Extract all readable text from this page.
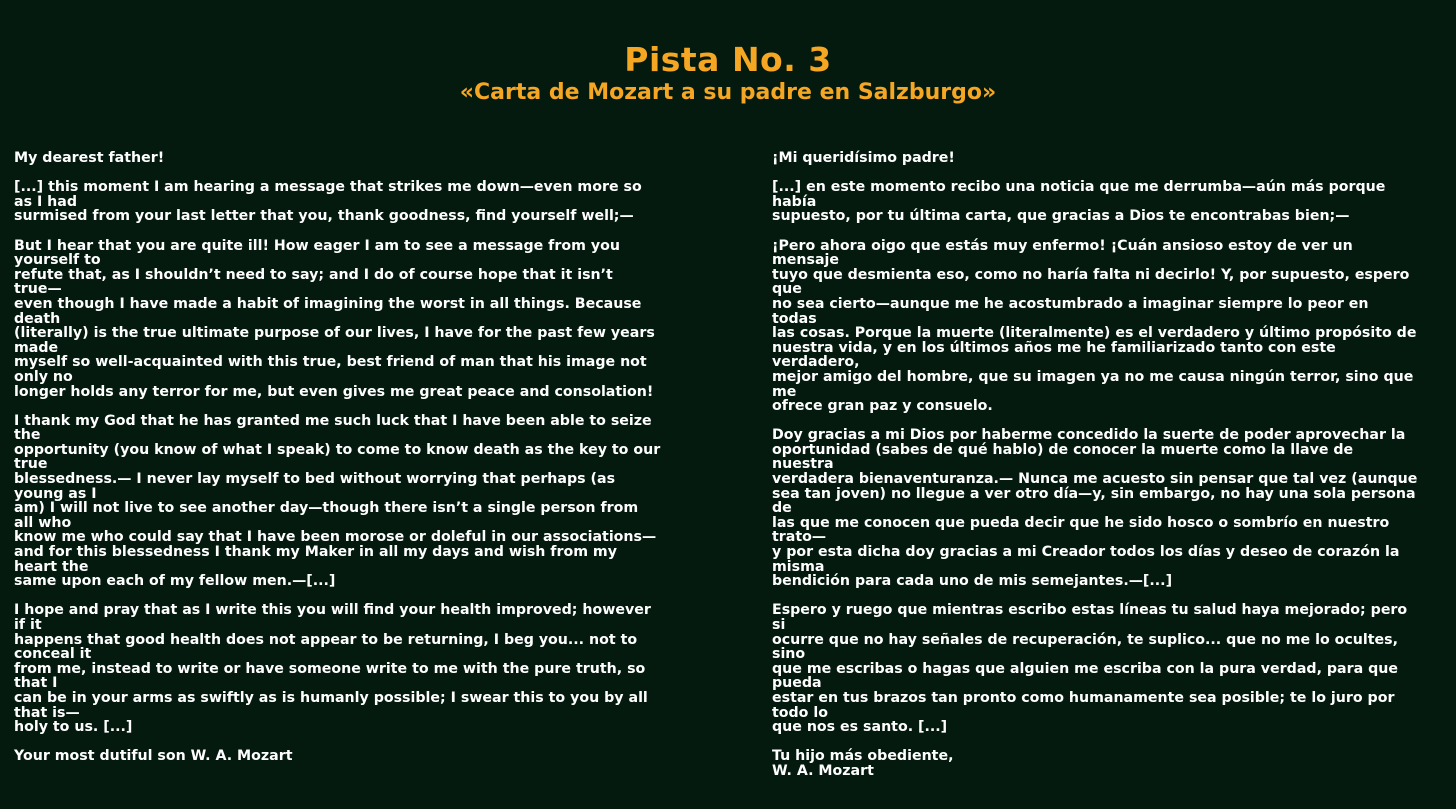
Pista No. 3
«Carta de Mozart a su padre en Salzburgo»
My dearest father!
[...] this moment I am hearing a message that strikes me down—even more so
as I had
surmised from your last letter that you, thank goodness, find yourself well;—
But I hear that you are quite ill! How eager I am to see a message from you
yourself to
refute that, as I shouldn’t need to say; and I do of course hope that it isn’t
true—
even though I have made a habit of imagining the worst in all things. Because
death
(literally) is the true ultimate purpose of our lives, I have for the past few years
made
myself so well-acquainted with this true, best friend of man that his image not
only no
longer holds any terror for me, but even gives me great peace and consolation!
I thank my God that he has granted me such luck that I have been able to seize
the
opportunity (you know of what I speak) to come to know death as the key to our
true
blessedness.— I never lay myself to bed without worrying that perhaps (as
young as I
am) I will not live to see another day—though there isn’t a single person from
all who
know me who could say that I have been morose or doleful in our associations—
and for this blessedness I thank my Maker in all my days and wish from my
heart the
same upon each of my fellow men.—[...]
I hope and pray that as I write this you will find your health improved; however
if it
happens that good health does not appear to be returning, I beg you... not to
conceal it
from me, instead to write or have someone write to me with the pure truth, so
that I
can be in your arms as swiftly as is humanly possible; I swear this to you by all
that is—
holy to us. [...]
Your most dutiful son W. A. Mozart
¡Mi queridísimo padre!
[...] en este momento recibo una noticia que me derrumba—aún más porque
había
supuesto, por tu última carta, que gracias a Dios te encontrabas bien;—
¡Pero ahora oigo que estás muy enfermo! ¡Cuán ansioso estoy de ver un
mensaje
tuyo que desmienta eso, como no haría falta ni decirlo! Y, por supuesto, espero
que
no sea cierto—aunque me he acostumbrado a imaginar siempre lo peor en
todas
las cosas. Porque la muerte (literalmente) es el verdadero y último propósito de
nuestra vida, y en los últimos años me he familiarizado tanto con este
verdadero,
mejor amigo del hombre, que su imagen ya no me causa ningún terror, sino que
me
ofrece gran paz y consuelo.
Doy gracias a mi Dios por haberme concedido la suerte de poder aprovechar la
oportunidad (sabes de qué hablo) de conocer la muerte como la llave de
nuestra
verdadera bienaventuranza.— Nunca me acuesto sin pensar que tal vez (aunque
sea tan joven) no llegue a ver otro día—y, sin embargo, no hay una sola persona
de
las que me conocen que pueda decir que he sido hosco o sombrío en nuestro
trato—
y por esta dicha doy gracias a mi Creador todos los días y deseo de corazón la
misma
bendición para cada uno de mis semejantes.—[...]
Espero y ruego que mientras escribo estas líneas tu salud haya mejorado; pero
si
ocurre que no hay señales de recuperación, te suplico... que no me lo ocultes,
sino
que me escribas o hagas que alguien me escriba con la pura verdad, para que
pueda
estar en tus brazos tan pronto como humanamente sea posible; te lo juro por
todo lo
que nos es santo. [...]
Tu hijo más obediente,
W. A. Mozart
